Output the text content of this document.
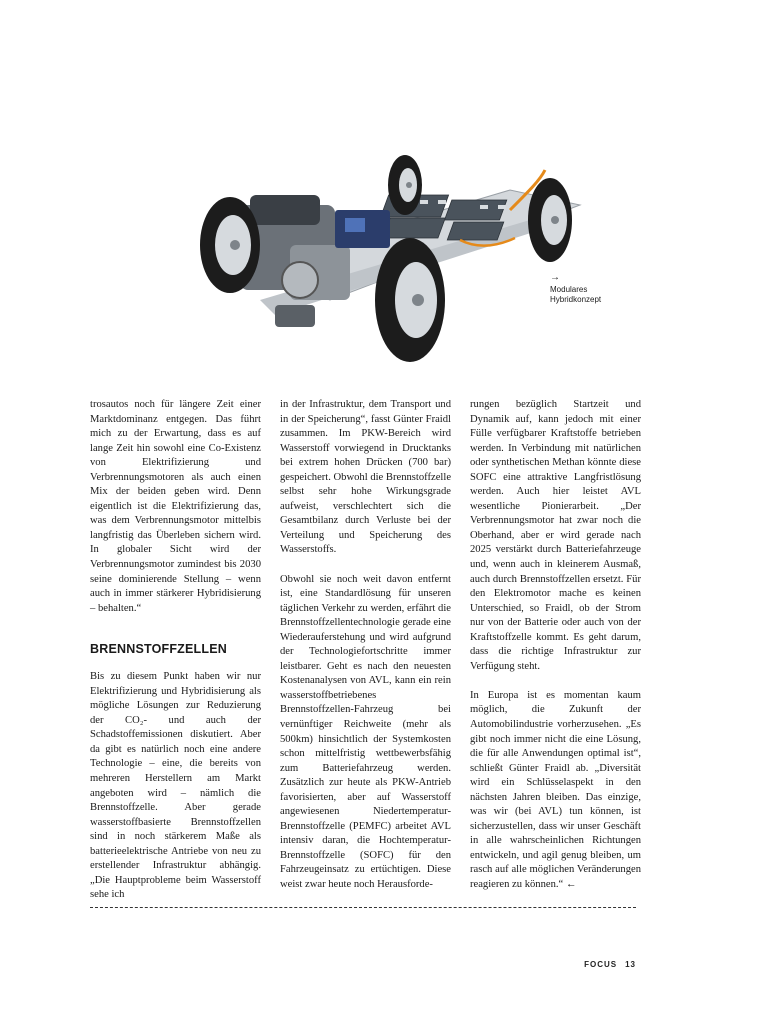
→
Modulares Hybridkonzept

trosautos noch für längere Zeit einer Marktdominanz entgegen. Das führt mich zu der Erwartung, dass es auf lange Zeit hin sowohl eine Co-Existenz von Elektrifizierung und Verbrennungsmotoren als auch einen Mix der beiden geben wird. Denn eigentlich ist die Elektrifizierung das, was dem Verbrennungsmotor mittelbis langfristig das Überleben sichern wird. In globaler Sicht wird der Verbrennungsmotor zumindest bis 2030 seine dominierende Stellung – wenn auch in immer stärkerer Hybridisierung – behalten.“

BRENNSTOFFZELLEN

Bis zu diesem Punkt haben wir nur Elektrifizierung und Hybridisierung als mögliche Lösungen zur Reduzierung der CO₂- und auch der Schadstoffemissionen diskutiert. Aber da gibt es natürlich noch eine andere Technologie – eine, die bereits von mehreren Herstellern am Markt angeboten wird – nämlich die Brennstoffzelle. Aber gerade wasserstoffbasierte Brennstoffzellen sind in noch stärkerem Maße als batterieelektrische Antriebe von neu zu erstellender Infrastruktur abhängig. „Die Hauptprobleme beim Wasserstoff sehe ich

in der Infrastruktur, dem Transport und in der Speicherung“, fasst Günter Fraidl zusammen. Im PKW-Bereich wird Wasserstoff vorwiegend in Drucktanks bei extrem hohen Drücken (700 bar) gespeichert. Obwohl die Brennstoffzelle selbst sehr hohe Wirkungsgrade aufweist, verschlechtert sich die Gesamtbilanz durch Verluste bei der Verteilung und Speicherung des Wasserstoffs.

Obwohl sie noch weit davon entfernt ist, eine Standardlösung für unseren täglichen Verkehr zu werden, erfährt die Brennstoffzellentechnologie gerade eine Wiederauferstehung und wird aufgrund der Technologiefortschritte immer leistbarer. Geht es nach den neuesten Kostenanalysen von AVL, kann ein rein wasserstoffbetriebenes Brennstoffzellen-Fahrzeug bei vernünftiger Reichweite (mehr als 500km) hinsichtlich der Systemkosten schon mittelfristig wettbewerbsfähig zum Batteriefahrzeug werden. Zusätzlich zur heute als PKW-Antrieb favorisierten, aber auf Wasserstoff angewiesenen Niedertemperatur-Brennstoffzelle (PEMFC) arbeitet AVL intensiv daran, die Hochtemperatur-Brennstoffzelle (SOFC) für den Fahrzeugeinsatz zu ertüchtigen. Diese weist zwar heute noch Herausforde-

rungen bezüglich Startzeit und Dynamik auf, kann jedoch mit einer Fülle verfügbarer Kraftstoffe betrieben werden. In Verbindung mit natürlichen oder synthetischen Methan könnte diese SOFC eine attraktive Langfristlösung werden. Auch hier leistet AVL wesentliche Pionierarbeit. „Der Verbrennungsmotor hat zwar noch die Oberhand, aber er wird gerade nach 2025 verstärkt durch Batteriefahrzeuge und, wenn auch in kleinerem Ausmaß, auch durch Brennstoffzellen ersetzt. Für den Elektromotor mache es keinen Unterschied, so Fraidl, ob der Strom nur von der Batterie oder auch von der Kraftstoffzelle kommt. Es geht darum, dass die richtige Infrastruktur zur Verfügung steht.

In Europa ist es momentan kaum möglich, die Zukunft der Automobilindustrie vorherzusehen. „Es gibt noch immer nicht die eine Lösung, die für alle Anwendungen optimal ist“, schließt Günter Fraidl ab. „Diversität wird ein Schlüsselaspekt in den nächsten Jahren bleiben. Das einzige, was wir (bei AVL) tun können, ist sicherzustellen, dass wir unser Geschäft in alle wahrscheinlichen Richtungen entwickeln, und agil genug bleiben, um rasch auf alle möglichen Veränderungen reagieren zu können.“ ←

FOCUS 13
